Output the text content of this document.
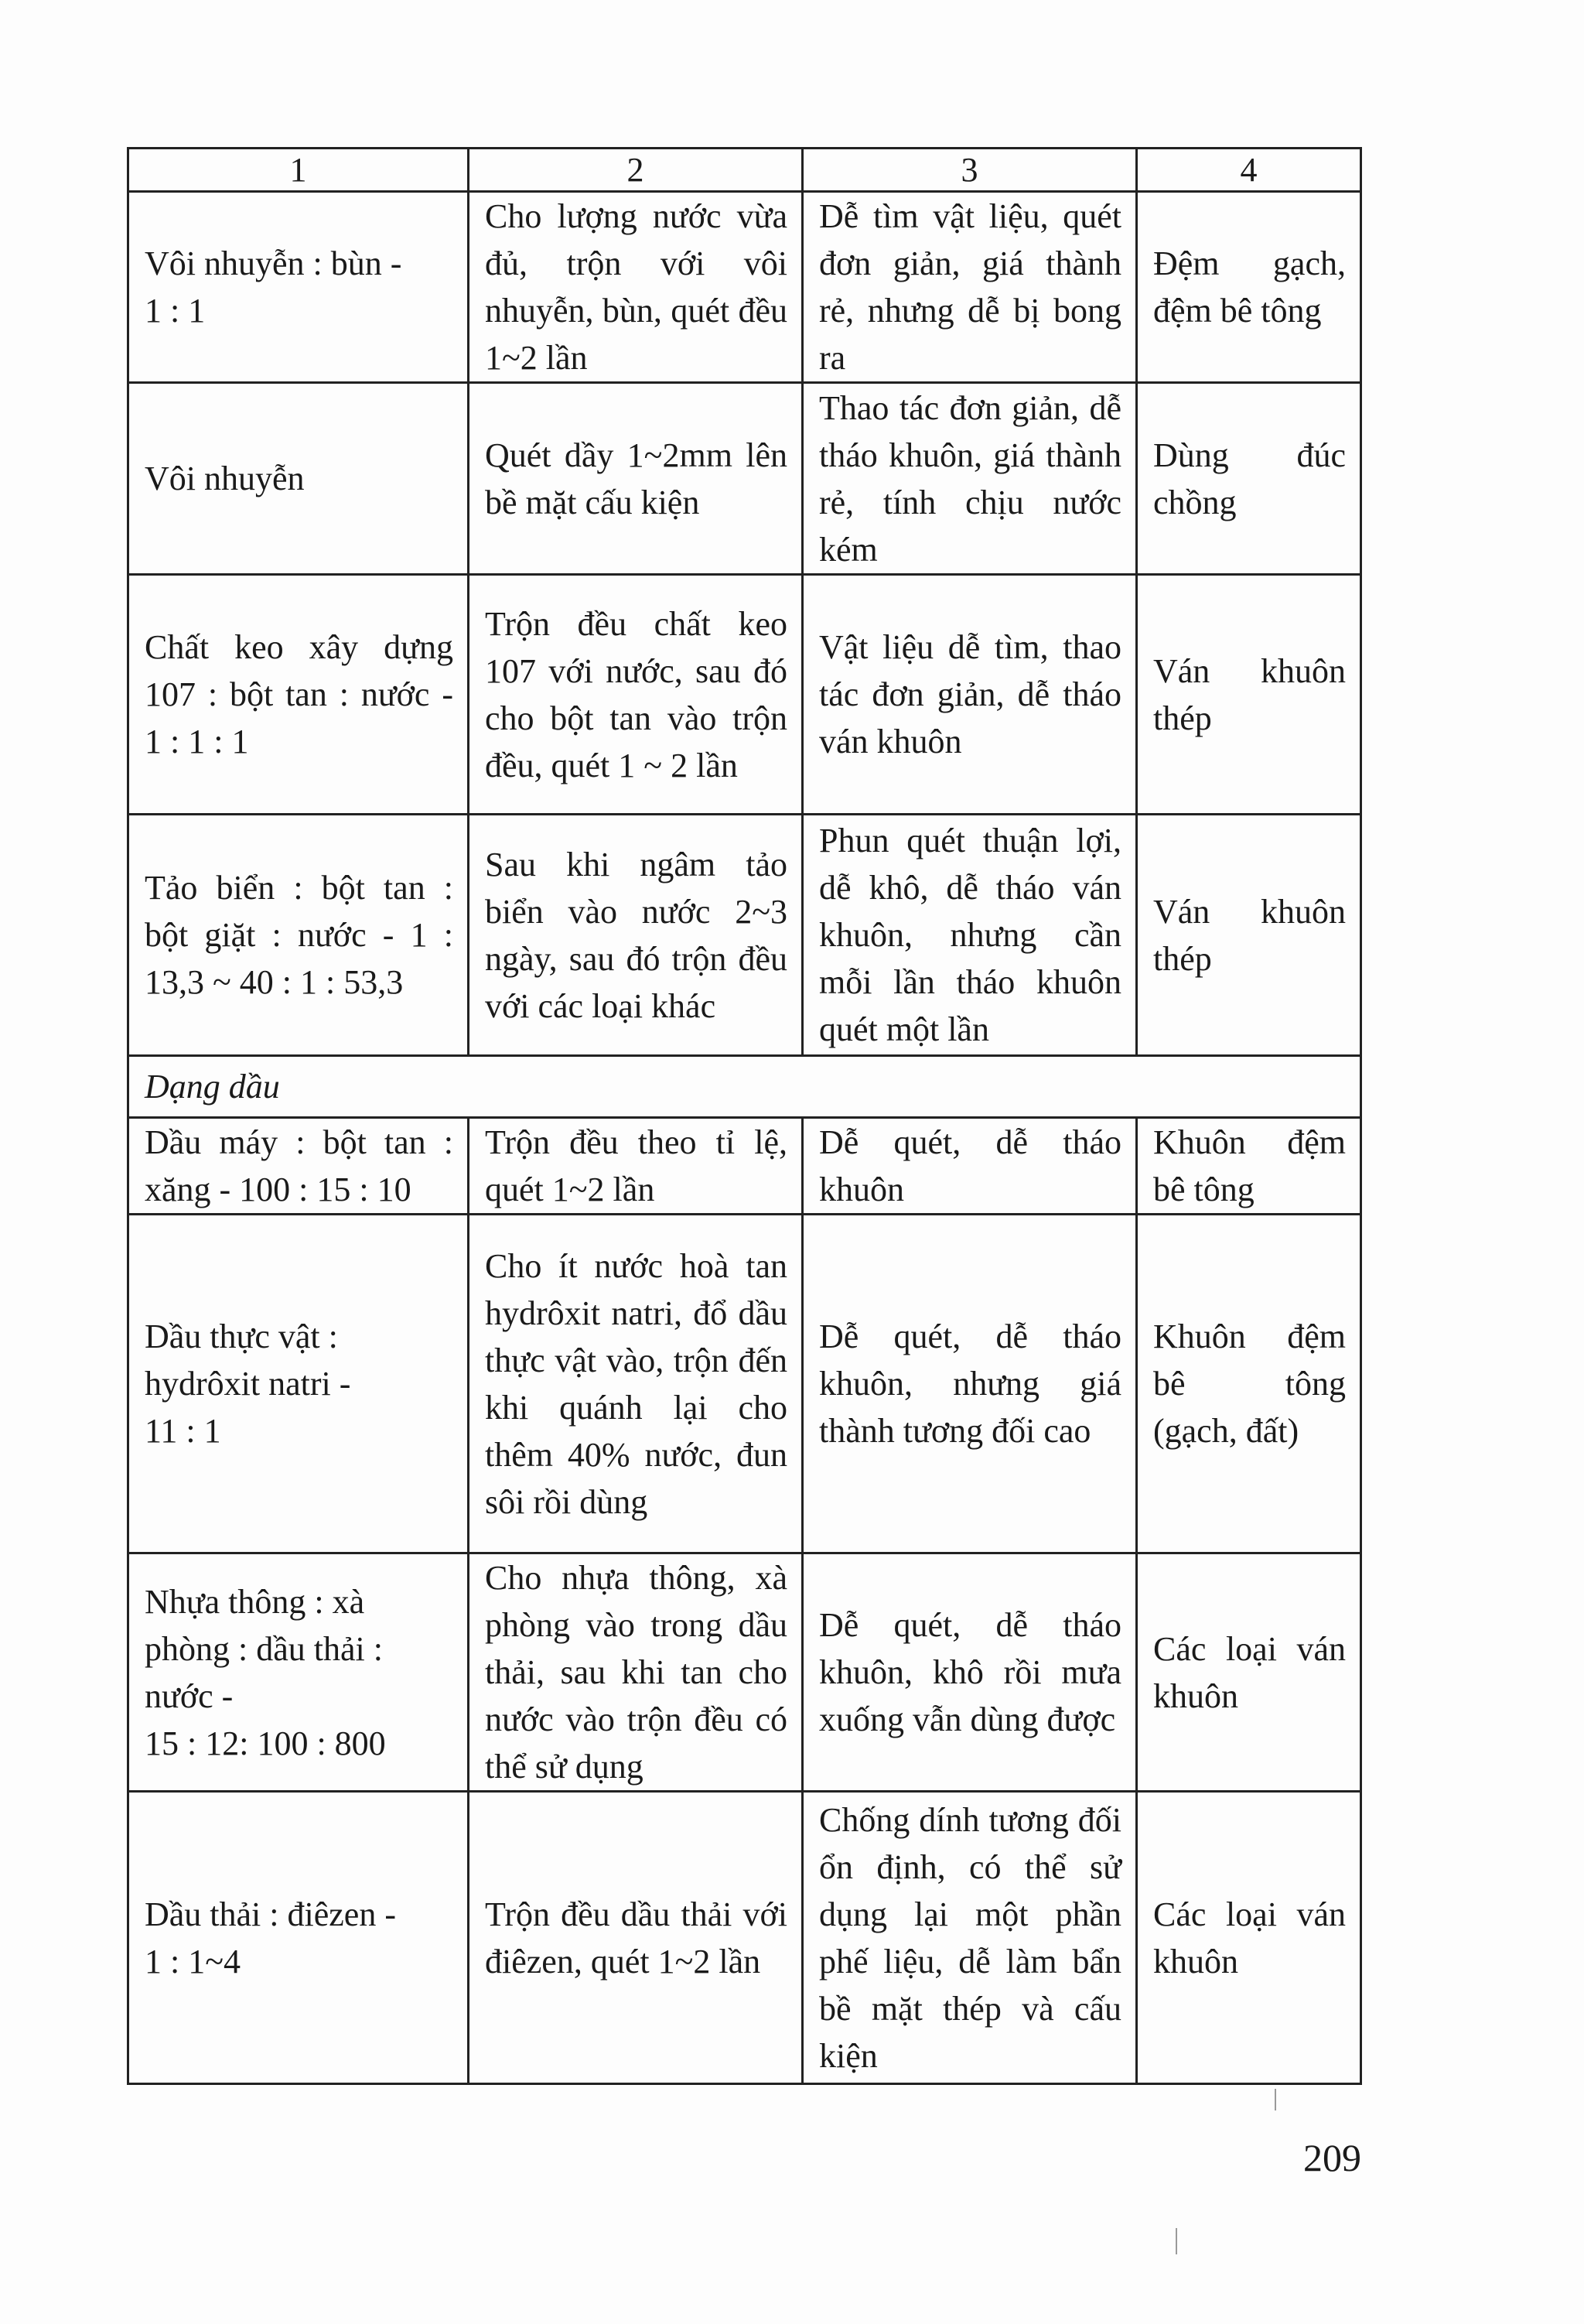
1	2	3	4

Vôi nhuyễn : bùn -
1 : 1	Cho lượng nước vừa đủ, trộn với vôi nhuyễn, bùn, quét đều 1~2 lần	Dễ tìm vật liệu, quét đơn giản, giá thành rẻ, nhưng dễ bị bong ra	Đệm gạch, đệm bê tông

Vôi nhuyễn	Quét dầy 1~2mm lên bề mặt cấu kiện	Thao tác đơn giản, dễ tháo khuôn, giá thành rẻ, tính chịu nước kém	Dùng đúc chồng
Chất keo xây dựng 107 : bột tan : nước - 1 : 1 : 1	Trộn đều chất keo 107 với nước, sau đó cho bột tan vào trộn đều, quét 1 ~ 2 lần	Vật liệu dễ tìm, thao tác đơn giản, dễ tháo ván khuôn	Ván khuôn thép
Tảo biển : bột tan : bột giặt : nước - 1 : 13,3 ~ 40 : 1 : 53,3	Sau khi ngâm tảo biển vào nước 2~3 ngày, sau đó trộn đều với các loại khác	Phun quét thuận lợi, dễ khô, dễ tháo ván khuôn, nhưng cần mỗi lần tháo khuôn quét một lần	Ván khuôn thép
Dạng dầu			
Dầu máy : bột tan : xăng - 100 : 15 : 10	Trộn đều theo tỉ lệ, quét 1~2 lần	Dễ quét, dễ tháo khuôn	Khuôn đệm bê tông

Dầu thực vật : hydrôxit natri -
11 : 1	Cho ít nước hoà tan hydrôxit natri, đổ dầu thực vật vào, trộn đến khi quánh lại cho thêm 40% nước, đun sôi rồi dùng	Dễ quét, dễ tháo khuôn, nhưng giá thành tương đối cao	Khuôn đệm bê tông (gạch, đất)

Nhựa thông : xà phòng : dầu thải : nước -
15 : 12: 100 : 800	Cho nhựa thông, xà phòng vào trong dầu thải, sau khi tan cho nước vào trộn đều có thể sử dụng	Dễ quét, dễ tháo khuôn, khô rồi mưa xuống vẫn dùng được	Các loại ván khuôn

Dầu thải : điêzen -
1 : 1~4	Trộn đều dầu thải với điêzen, quét 1~2 lần	Chống dính tương đối ổn định, có thể sử dụng lại một phần phế liệu, dễ làm bẩn bề mặt thép và cấu kiện	Các loại ván khuôn
209
